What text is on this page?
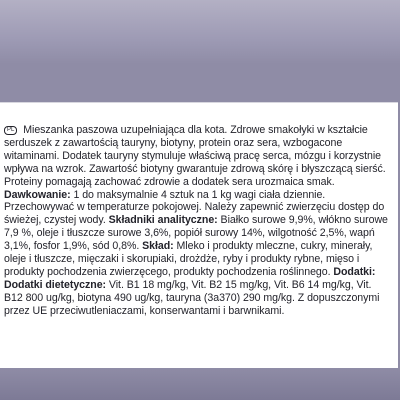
PL Mieszanka paszowa uzupełniająca dla kota. Zdrowe smakołyki w kształcie serduszek z zawartością tauryny, biotyny, protein oraz sera, wzbogacone witaminami. Dodatek tauryny stymuluje właściwą pracę serca, mózgu i korzystnie wpływa na wzrok. Zawartość biotyny gwarantuje zdrową skórę i błyszczącą sierść. Proteiny pomagają zachować zdrowie a dodatek sera urozmaica smak. Dawkowanie: 1 do maksymalnie 4 sztuk na 1 kg wagi ciała dziennie. Przechowywać w temperaturze pokojowej. Należy zapewnić zwierzęciu dostęp do świeżej, czystej wody. Składniki analityczne: Białko surowe 9,9%, włókno surowe 7,9 %, oleje i tłuszcze surowe 3,6%, popiół surowy 14%, wilgotność 2,5%, wapń 3,1%, fosfor 1,9%, sód 0,8%. Skład: Mleko i produkty mleczne, cukry, minerały, oleje i tłuszcze, mięczaki i skorupiaki, drożdże, ryby i produkty rybne, mięso i produkty pochodzenia zwierzęcego, produkty pochodzenia roślinnego. Dodatki: Dodatki dietetyczne: Vit. B1 18 mg/kg, Vit. B2 15 mg/kg, Vit. B6 14 mg/kg, Vit. B12 800 ug/kg, biotyna 490 ug/kg, tauryna (3a370) 290 mg/kg. Z dopuszczonymi przez UE przeciwutleniaczami, konserwantami i barwnikami.
